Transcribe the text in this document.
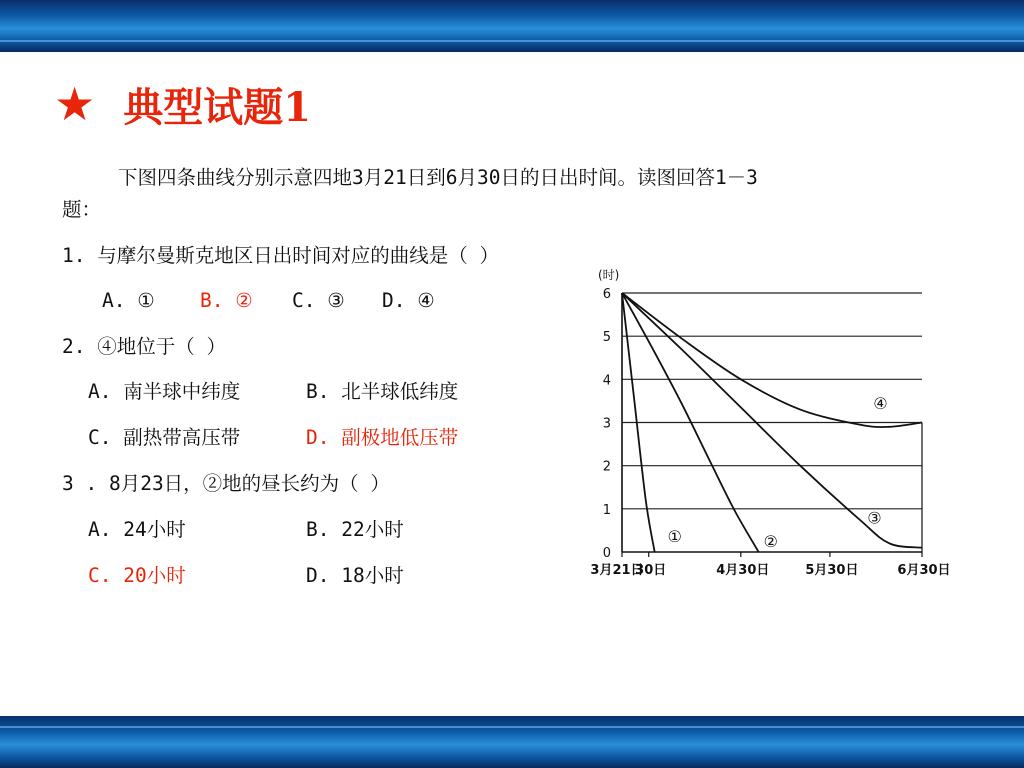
★ 典型试题1
下图四条曲线分别示意四地3月21日到6月30日的日出时间。读图回答1－3
题：
1. 与摩尔曼斯克地区日出时间对应的曲线是（ ）
A. ① B. ② C. ③ D. ④
2. ④地位于（ ）
A. 南半球中纬度	B. 北半球低纬度
C. 副热带高压带	D. 副极地低压带
3 . 8月23日，②地的昼长约为（ ）
A. 24小时	B. 22小时
C. 20小时	D. 18小时
0
1
2
3
4
5
6
(时)
3月21日
30日	4月30日	5月30日	6月30日
①	②
③
④
